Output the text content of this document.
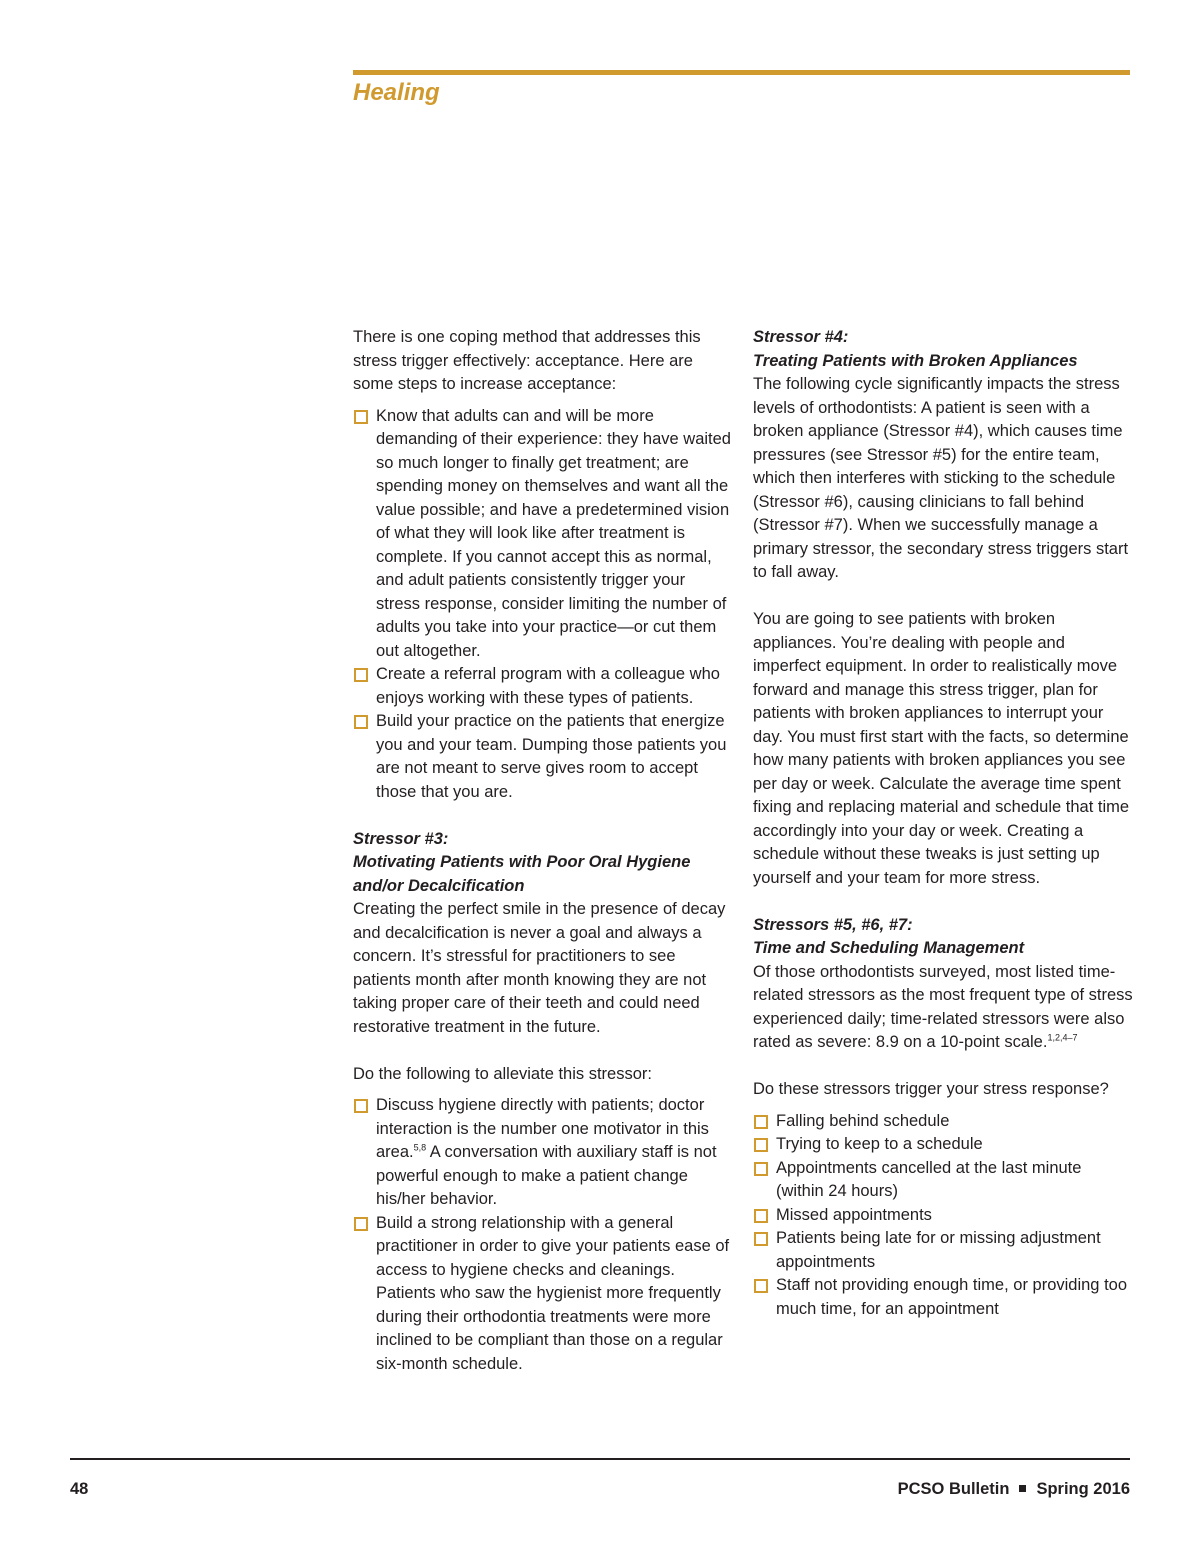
Healing

There is one coping method that addresses this stress trigger effectively: acceptance. Here are some steps to increase acceptance:

Know that adults can and will be more demanding of their experience: they have waited so much longer to finally get treatment; are spending money on themselves and want all the value possible; and have a predetermined vision of what they will look like after treatment is complete. If you cannot accept this as normal, and adult patients consistently trigger your stress response, consider limiting the number of adults you take into your practice—or cut them out altogether.
Create a referral program with a colleague who enjoys working with these types of patients.
Build your practice on the patients that energize you and your team. Dumping those patients you are not meant to serve gives room to accept those that you are.

Stressor #3:

Motivating Patients with Poor Oral Hygiene and/or Decalcification

Creating the perfect smile in the presence of decay and decalcification is never a goal and always a concern. It’s stressful for practitioners to see patients month after month knowing they are not taking proper care of their teeth and could need restorative treatment in the future.

Do the following to alleviate this stressor:

Discuss hygiene directly with patients; doctor interaction is the number one motivator in this area.$^{5,8}$ A conversation with auxiliary staff is not powerful enough to make a patient change his/her behavior.
Build a strong relationship with a general practitioner in order to give your patients ease of access to hygiene checks and cleanings. Patients who saw the hygienist more frequently during their orthodontia treatments were more inclined to be compliant than those on a regular six-month schedule.

Stressor #4:

Treating Patients with Broken Appliances

The following cycle significantly impacts the stress levels of orthodontists: A patient is seen with a broken appliance (Stressor #4), which causes time pressures (see Stressor #5) for the entire team, which then interferes with sticking to the schedule (Stressor #6), causing clinicians to fall behind (Stressor #7). When we successfully manage a primary stressor, the secondary stress triggers start to fall away.

You are going to see patients with broken appliances. You’re dealing with people and imperfect equipment. In order to realistically move forward and manage this stress trigger, plan for patients with broken appliances to interrupt your day. You must first start with the facts, so determine how many patients with broken appliances you see per day or week. Calculate the average time spent fixing and replacing material and schedule that time accordingly into your day or week. Creating a schedule without these tweaks is just setting up yourself and your team for more stress.

Stressors #5, #6, #7:

Time and Scheduling Management

Of those orthodontists surveyed, most listed time-related stressors as the most frequent type of stress experienced daily; time-related stressors were also rated as severe: 8.9 on a 10-point scale.$^{1,2,4-7}$

Do these stressors trigger your stress response?

Falling behind schedule
Trying to keep to a schedule
Appointments cancelled at the last minute (within 24 hours)
Missed appointments
Patients being late for or missing adjustment appointments
Staff not providing enough time, or providing too much time, for an appointment
48	PCSO Bulletin Spring 2016
